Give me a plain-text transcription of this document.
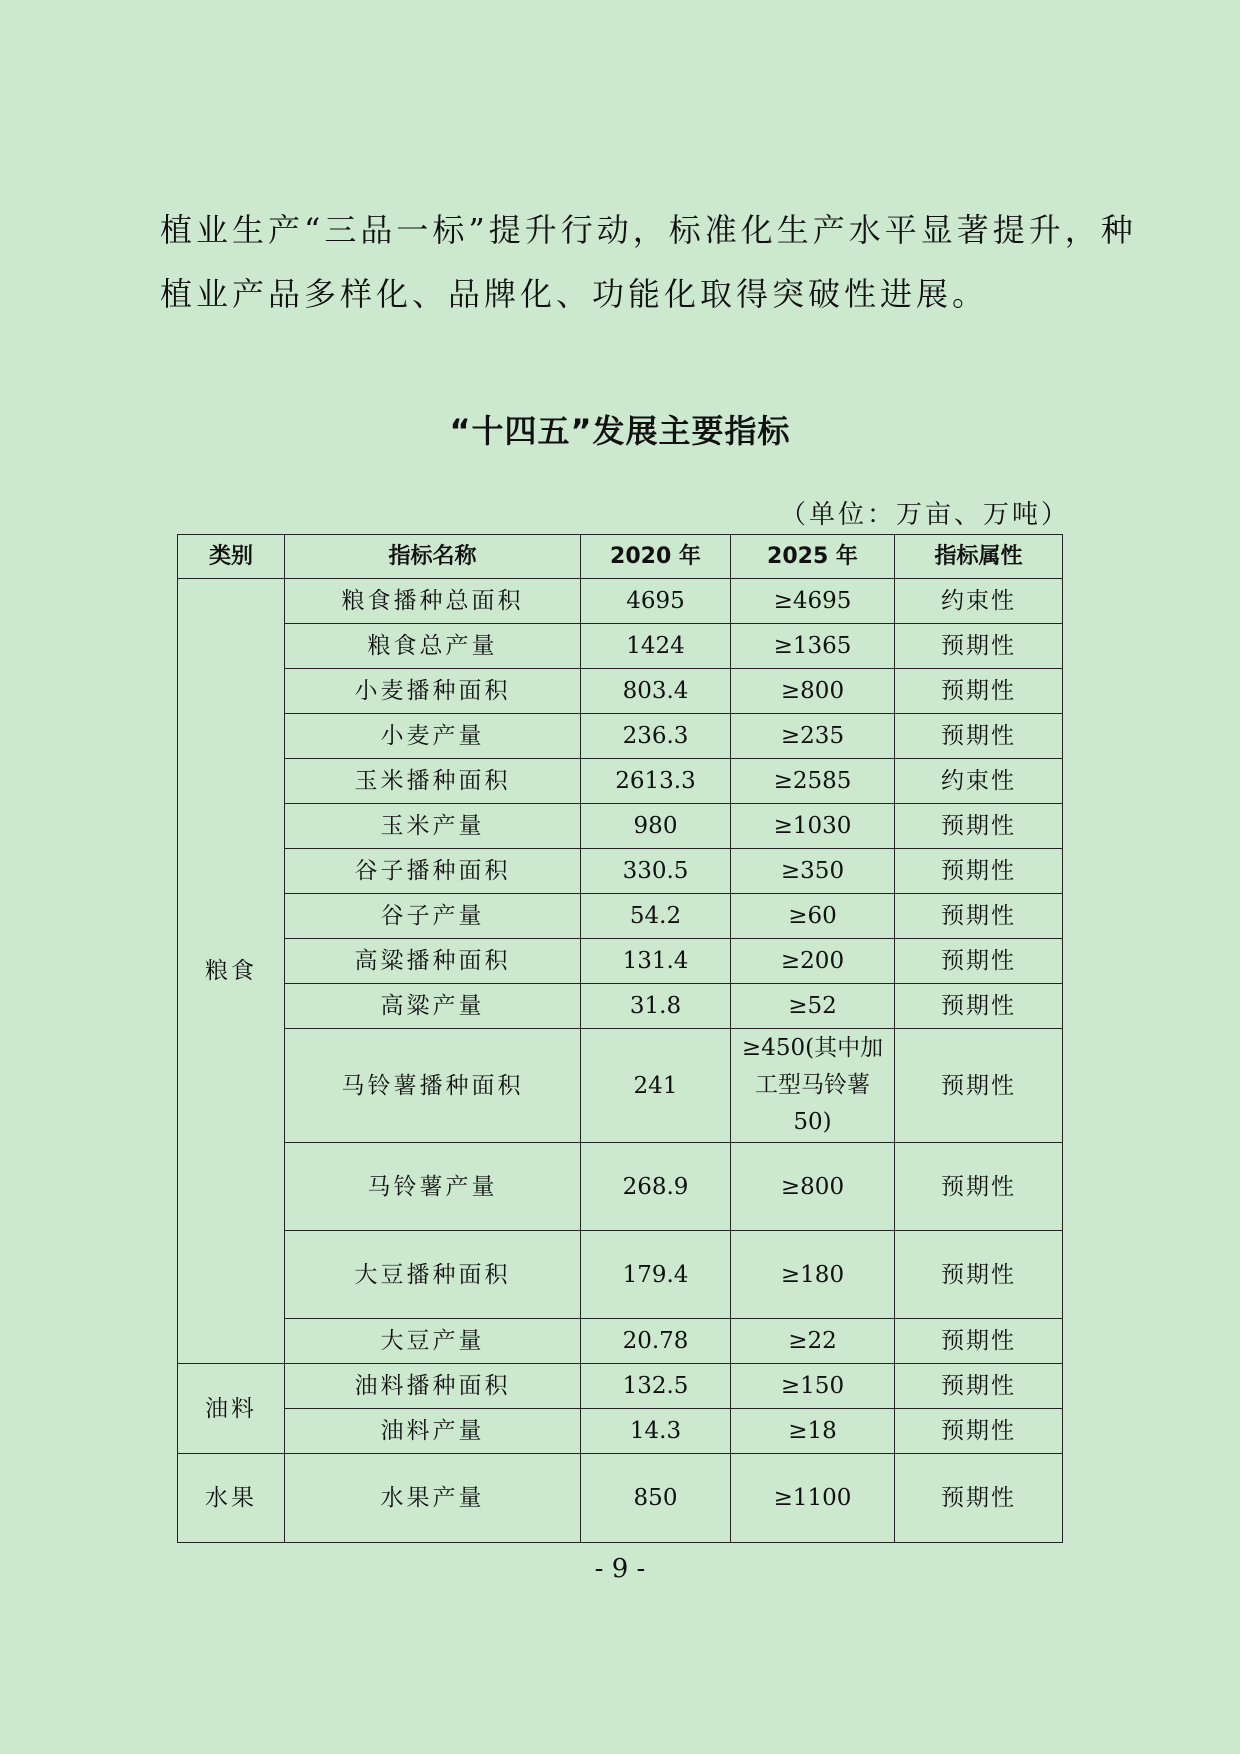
植业生产“三品一标”提升行动，标准化生产水平显著提升，种
植业产品多样化、品牌化、功能化取得突破性进展。
“十四五”发展主要指标
（单位：万亩、万吨）
类别	指标名称	2020 年	2025 年	指标属性
粮食	粮食播种总面积	4695	≥4695	约束性
	粮食总产量	1424	≥1365	预期性
	小麦播种面积	803.4	≥800	预期性
	小麦产量	236.3	≥235	预期性
	玉米播种面积	2613.3	≥2585	约束性
	玉米产量	980	≥1030	预期性
	谷子播种面积	330.5	≥350	预期性
	谷子产量	54.2	≥60	预期性
	高粱播种面积	131.4	≥200	预期性
	高粱产量	31.8	≥52	预期性
	马铃薯播种面积	241	≥450(其中加工型马铃薯 50)	预期性
	马铃薯产量	268.9	≥800	预期性
	大豆播种面积	179.4	≥180	预期性
	大豆产量	20.78	≥22	预期性
油料	油料播种面积	132.5	≥150	预期性
	油料产量	14.3	≥18	预期性
水果	水果产量	850	≥1100	预期性
- 9 -
